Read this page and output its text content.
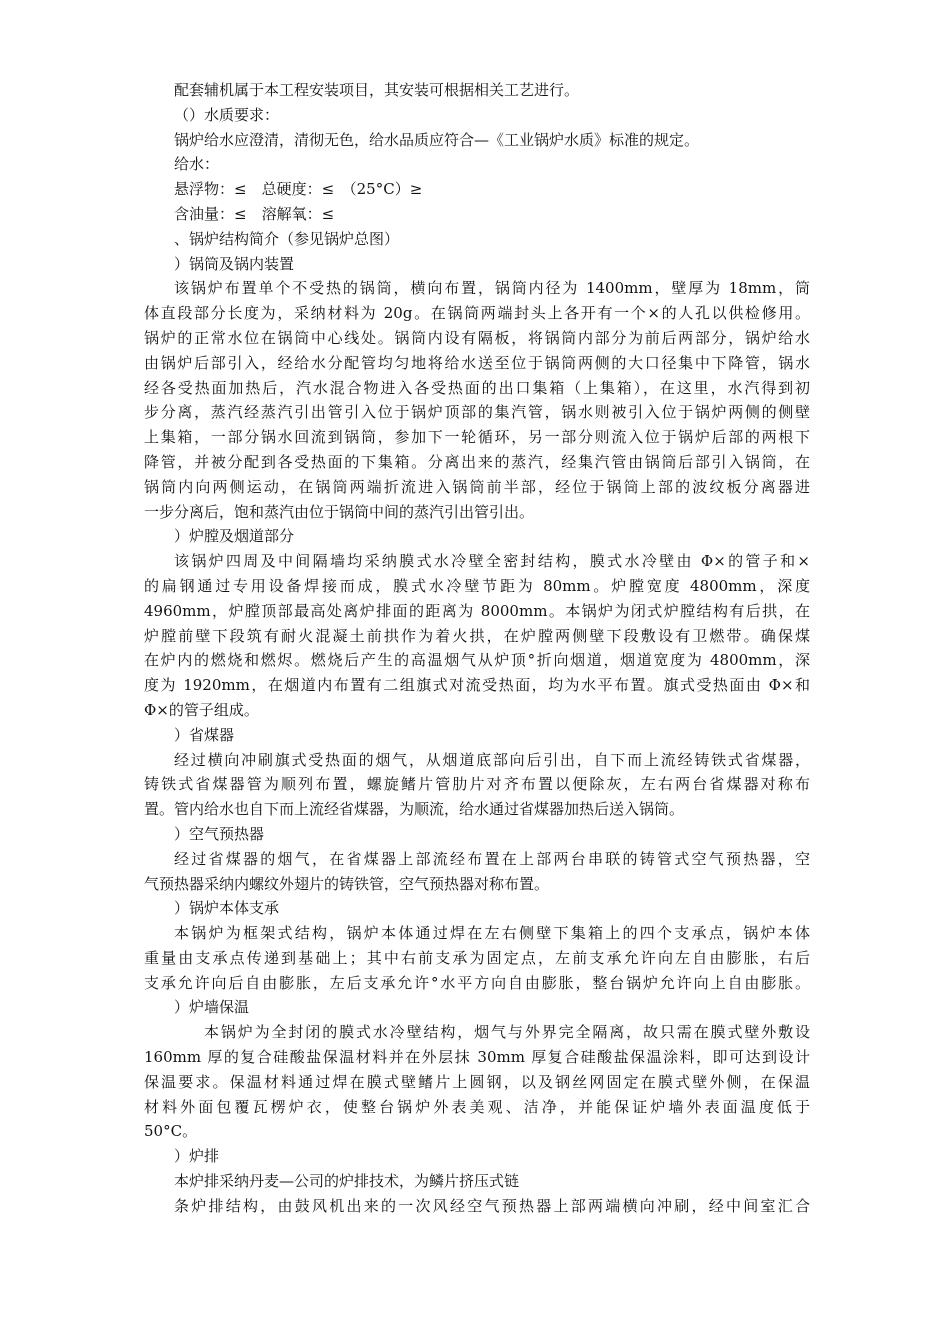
配套辅机属于本工程安装项目，其安装可根据相关工艺进行。
（）水质要求：
锅炉给水应澄清，清彻无色，给水品质应符合—《工业锅炉水质》标准的规定。
给水：
悬浮物：≤　总硬度：≤　（25°C）≥
含油量：≤　溶解氧：≤
、锅炉结构简介（参见锅炉总图）
）锅筒及锅内装置
该锅炉布置单个不受热的锅筒，横向布置，锅筒内径为 1400mm，壁厚为 18mm，筒
体直段部分长度为，采纳材料为 20g。在锅筒两端封头上各开有一个×的人孔以供检修用。
锅炉的正常水位在锅筒中心线处。锅筒内设有隔板，将锅筒内部分为前后两部分，锅炉给水
由锅炉后部引入，经给水分配管均匀地将给水送至位于锅筒两侧的大口径集中下降管，锅水
经各受热面加热后，汽水混合物进入各受热面的出口集箱（上集箱），在这里，水汽得到初
步分离，蒸汽经蒸汽引出管引入位于锅炉顶部的集汽管，锅水则被引入位于锅炉两侧的侧壁
上集箱，一部分锅水回流到锅筒，参加下一轮循环，另一部分则流入位于锅炉后部的两根下
降管，并被分配到各受热面的下集箱。分离出来的蒸汽，经集汽管由锅筒后部引入锅筒，在
锅筒内向两侧运动，在锅筒两端折流进入锅筒前半部，经位于锅筒上部的波纹板分离器进
一步分离后，饱和蒸汽由位于锅筒中间的蒸汽引出管引出。
）炉膛及烟道部分
该锅炉四周及中间隔墙均采纳膜式水冷壁全密封结构，膜式水冷壁由 Φ×的管子和×
的扁钢通过专用设备焊接而成，膜式水冷壁节距为 80mm。炉膛宽度 4800mm，深度
4960mm，炉膛顶部最高处离炉排面的距离为 8000mm。本锅炉为闭式炉膛结构有后拱，在
炉膛前壁下段筑有耐火混凝土前拱作为着火拱，在炉膛两侧壁下段敷设有卫燃带。确保煤
在炉内的燃烧和燃烬。燃烧后产生的高温烟气从炉顶°折向烟道，烟道宽度为 4800mm，深
度为 1920mm，在烟道内布置有二组旗式对流受热面，均为水平布置。旗式受热面由 Φ×和
Φ×的管子组成。
）省煤器
经过横向冲刷旗式受热面的烟气，从烟道底部向后引出，自下而上流经铸铁式省煤器，
铸铁式省煤器管为顺列布置，螺旋鳍片管肋片对齐布置以便除灰，左右两台省煤器对称布
置。管内给水也自下而上流经省煤器，为顺流，给水通过省煤器加热后送入锅筒。
）空气预热器
经过省煤器的烟气，在省煤器上部流经布置在上部两台串联的铸管式空气预热器，空
气预热器采纳内螺纹外翅片的铸铁管，空气预热器对称布置。
）锅炉本体支承
本锅炉为框架式结构，锅炉本体通过焊在左右侧壁下集箱上的四个支承点，锅炉本体
重量由支承点传递到基础上；其中右前支承为固定点，左前支承允许向左自由膨胀，右后
支承允许向后自由膨胀，左后支承允许°水平方向自由膨胀，整台锅炉允许向上自由膨胀。
）炉墙保温
本锅炉为全封闭的膜式水冷壁结构，烟气与外界完全隔离，故只需在膜式壁外敷设
160mm 厚的复合硅酸盐保温材料并在外层抹 30mm 厚复合硅酸盐保温涂料，即可达到设计
保温要求。保温材料通过焊在膜式壁鳍片上圆钢，以及钢丝网固定在膜式壁外侧，在保温
材料外面包覆瓦楞炉衣，使整台锅炉外表美观、洁净，并能保证炉墙外表面温度低于
50°C。
）炉排
本炉排采纳丹麦—公司的炉排技术，为鳞片挤压式链
条炉排结构，由鼓风机出来的一次风经空气预热器上部两端横向冲刷，经中间室汇合
